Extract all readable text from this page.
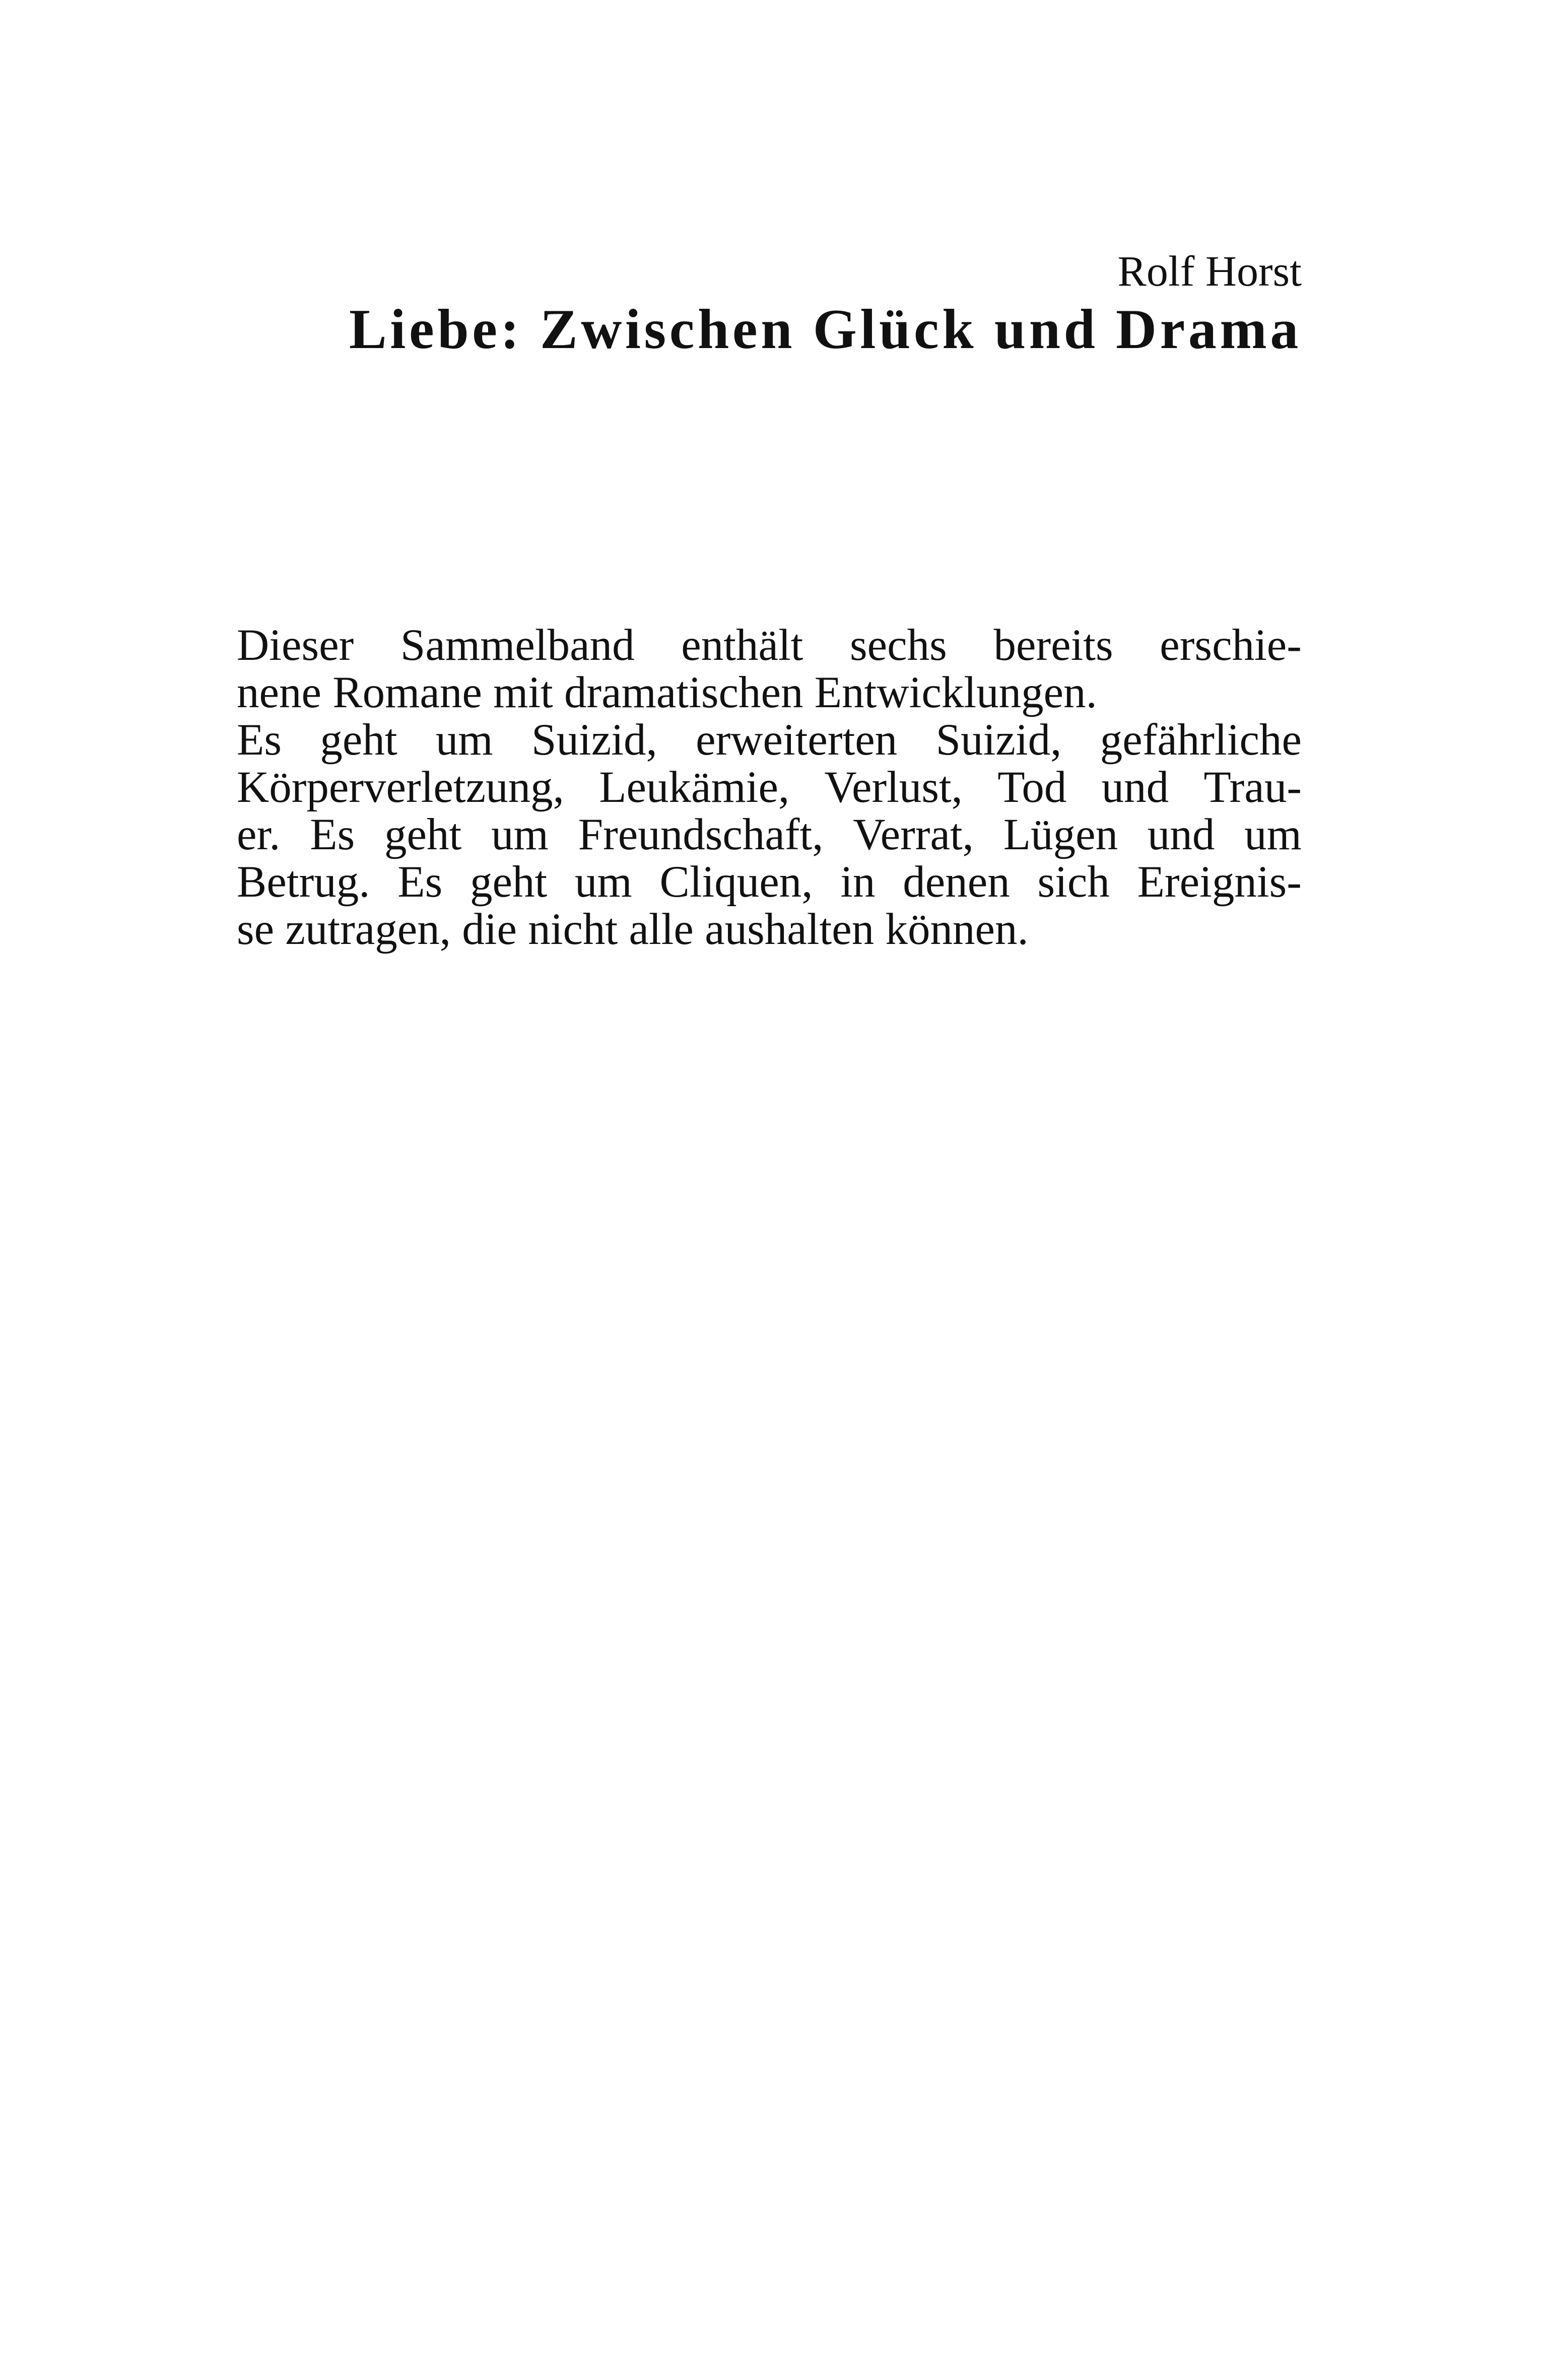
Rolf Horst
Liebe: Zwischen Glück und Drama
Dieser Sammelband enthält sechs bereits erschie-
nene Romane mit dramatischen Entwicklungen.
Es geht um Suizid, erweiterten Suizid, gefährliche
Körperverletzung, Leukämie, Verlust, Tod und Trau-
er. Es geht um Freundschaft, Verrat, Lügen und um
Betrug. Es geht um Cliquen, in denen sich Ereignis-
se zutragen, die nicht alle aushalten können.
